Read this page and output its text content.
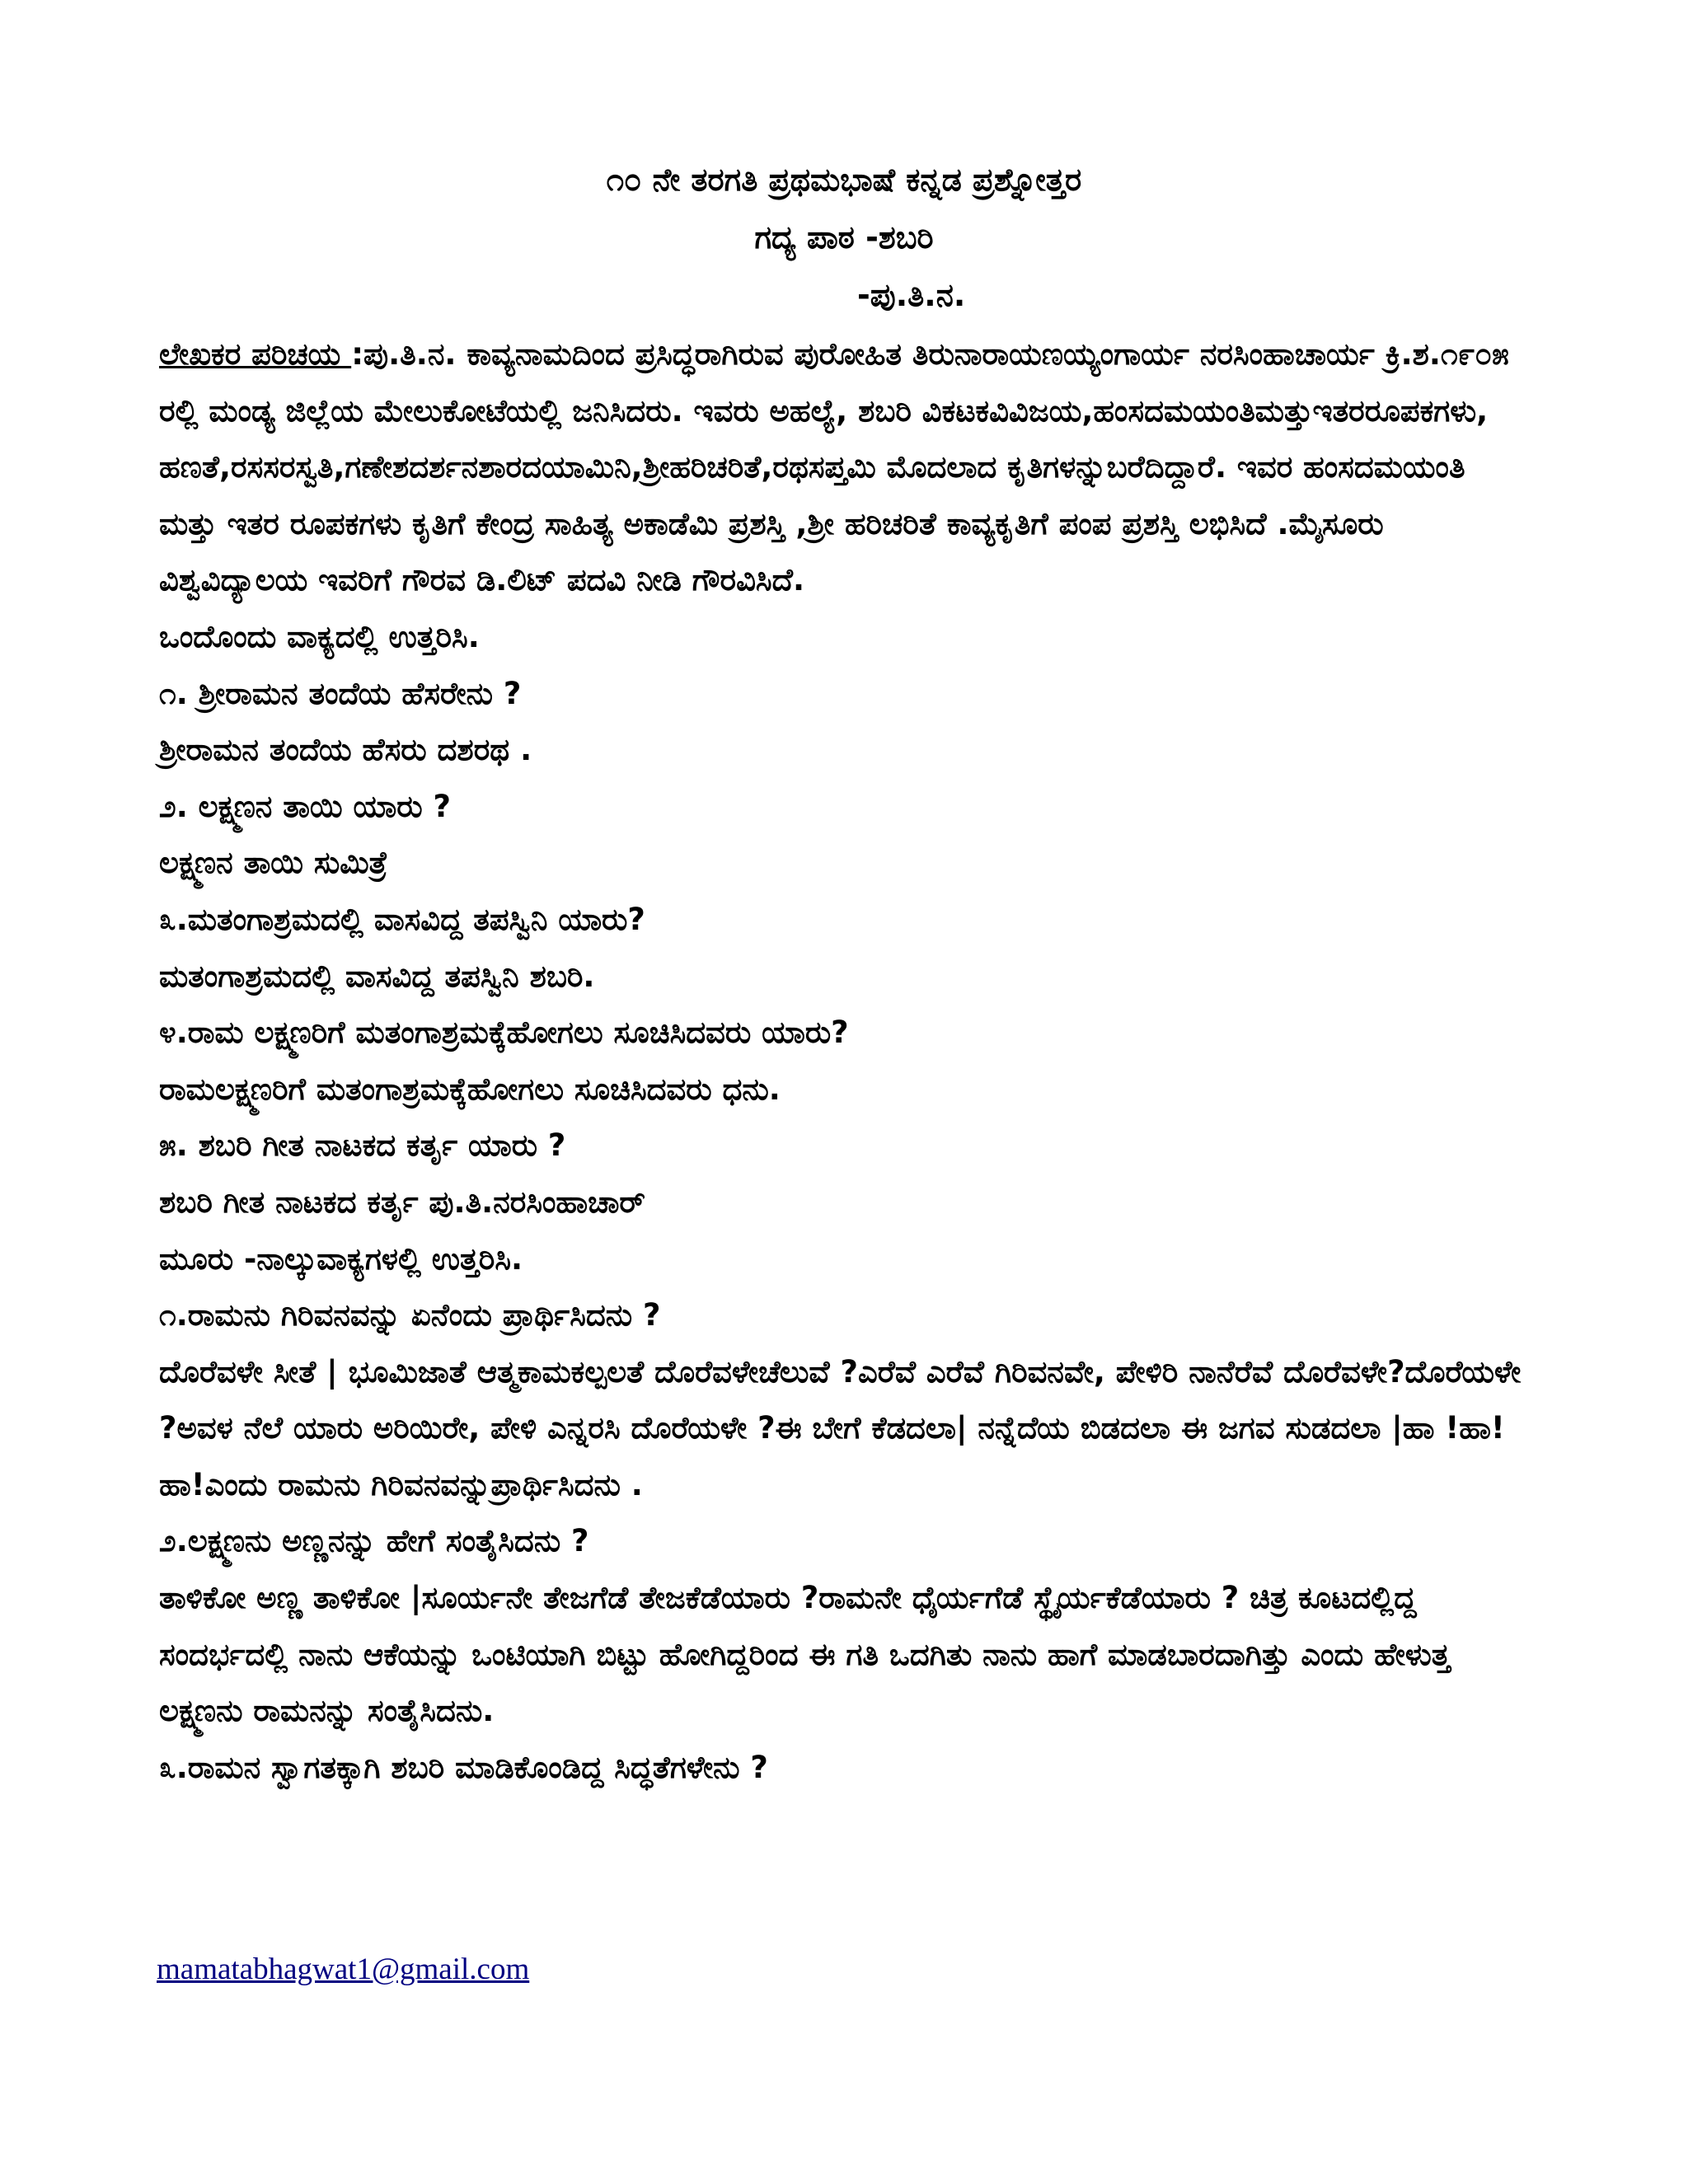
೧೦ ನೇ ತರಗತಿ ಪ್ರಥಮಭಾಷೆ ಕನ್ನಡ ಪ್ರಶ್ನೋತ್ತರ
ಗದ್ಯ ಪಾಠ -ಶಬರಿ
-ಪು.ತಿ.ನ.

ಲೇಖಕರ ಪರಿಚಯ :ಪು.ತಿ.ನ. ಕಾವ್ಯನಾಮದಿಂದ ಪ್ರಸಿದ್ಧರಾಗಿರುವ ಪುರೋಹಿತ ತಿರುನಾರಾಯಣಯ್ಯಂಗಾರ್ಯ ನರಸಿಂಹಾಚಾರ್ಯ ಕ್ರಿ.ಶ.೧೯೦೫ ರಲ್ಲಿ ಮಂಡ್ಯ ಜಿಲ್ಲೆಯ ಮೇಲುಕೋಟೆಯಲ್ಲಿ ಜನಿಸಿದರು. ಇವರು ಅಹಲ್ಯೆ, ಶಬರಿ ವಿಕಟಕವಿವಿಜಯ,ಹಂಸದಮಯಂತಿಮತ್ತುಇತರರೂಪಕಗಳು,

ಹಣತೆ,ರಸಸರಸ್ವತಿ,ಗಣೇಶದರ್ಶನಶಾರದಯಾಮಿನಿ,ಶ್ರೀಹರಿಚರಿತೆ,ರಥಸಪ್ತಮಿ ಮೊದಲಾದ ಕೃತಿಗಳನ್ನುಬರೆದಿದ್ದಾರೆ. ಇವರ ಹಂಸದಮಯಂತಿ ಮತ್ತು ಇತರ ರೂಪಕಗಳು ಕೃತಿಗೆ ಕೇಂದ್ರ ಸಾಹಿತ್ಯ ಅಕಾಡೆಮಿ ಪ್ರಶಸ್ತಿ ,ಶ್ರೀ ಹರಿಚರಿತೆ ಕಾವ್ಯಕೃತಿಗೆ ಪಂಪ ಪ್ರಶಸ್ತಿ ಲಭಿಸಿದೆ .ಮೈಸೂರು ವಿಶ್ವವಿದ್ಯಾಲಯ ಇವರಿಗೆ ಗೌರವ ಡಿ.ಲಿಟ್ ಪದವಿ ನೀಡಿ ಗೌರವಿಸಿದೆ.

ಒಂದೊಂದು ವಾಕ್ಯದಲ್ಲಿ ಉತ್ತರಿಸಿ.

೧. ಶ್ರೀರಾಮನ ತಂದೆಯ ಹೆಸರೇನು ?

ಶ್ರೀರಾಮನ ತಂದೆಯ ಹೆಸರು ದಶರಥ .

೨. ಲಕ್ಷ್ಮಣನ ತಾಯಿ ಯಾರು ?

ಲಕ್ಷ್ಮಣನ ತಾಯಿ ಸುಮಿತ್ರೆ

೩.ಮತಂಗಾಶ್ರಮದಲ್ಲಿ ವಾಸವಿದ್ದ ತಪಸ್ವಿನಿ ಯಾರು?

ಮತಂಗಾಶ್ರಮದಲ್ಲಿ ವಾಸವಿದ್ದ ತಪಸ್ವಿನಿ ಶಬರಿ.

೪.ರಾಮ ಲಕ್ಷ್ಮಣರಿಗೆ ಮತಂಗಾಶ್ರಮಕ್ಕೆಹೋಗಲು ಸೂಚಿಸಿದವರು ಯಾರು?

ರಾಮಲಕ್ಷ್ಮಣರಿಗೆ ಮತಂಗಾಶ್ರಮಕ್ಕೆಹೋಗಲು ಸೂಚಿಸಿದವರು ಧನು.

೫. ಶಬರಿ ಗೀತ ನಾಟಕದ ಕರ್ತೃ ಯಾರು ?

ಶಬರಿ ಗೀತ ನಾಟಕದ ಕರ್ತೃ ಪು.ತಿ.ನರಸಿಂಹಾಚಾರ್

ಮೂರು -ನಾಲ್ಕುವಾಕ್ಯಗಳಲ್ಲಿ ಉತ್ತರಿಸಿ.

೧.ರಾಮನು ಗಿರಿವನವನ್ನು ಏನೆಂದು ಪ್ರಾರ್ಥಿಸಿದನು ?

ದೊರೆವಳೇ ಸೀತೆ | ಭೂಮಿಜಾತೆ ಆತ್ಮಕಾಮಕಲ್ಪಲತೆ ದೊರೆವಳೇಚೆಲುವೆ ?ಎರೆವೆ ಎರೆವೆ ಗಿರಿವನವೇ, ಪೇಳಿರಿ ನಾನೆರೆವೆ ದೊರೆವಳೇ?ದೊರೆಯಳೇ ?ಅವಳ ನೆಲೆ ಯಾರು ಅರಿಯಿರೇ, ಪೇಳಿ ಎನ್ನರಸಿ ದೊರೆಯಳೇ ?ಈ ಬೇಗೆ ಕೆಡದಲಾ| ನನ್ನೆದೆಯ ಬಿಡದಲಾ ಈ ಜಗವ ಸುಡದಲಾ |ಹಾ !ಹಾ! ಹಾ!ಎಂದು ರಾಮನು ಗಿರಿವನವನ್ನುಪ್ರಾರ್ಥಿಸಿದನು .

೨.ಲಕ್ಷ್ಮಣನು ಅಣ್ಣನನ್ನು ಹೇಗೆ ಸಂತೈಸಿದನು ?

ತಾಳಿಕೋ ಅಣ್ಣ ತಾಳಿಕೋ |ಸೂರ್ಯನೇ ತೇಜಗೆಡೆ ತೇಜಕೆಡೆಯಾರು ?ರಾಮನೇ ಧೈರ್ಯಗೆಡೆ ಸ್ಥೈರ್ಯಕೆಡೆಯಾರು ? ಚಿತ್ರ ಕೂಟದಲ್ಲಿದ್ದ ಸಂದರ್ಭದಲ್ಲಿ ನಾನು ಆಕೆಯನ್ನು ಒಂಟಿಯಾಗಿ ಬಿಟ್ಟು ಹೋಗಿದ್ದರಿಂದ ಈ ಗತಿ ಒದಗಿತು ನಾನು ಹಾಗೆ ಮಾಡಬಾರದಾಗಿತ್ತು ಎಂದು ಹೇಳುತ್ತ ಲಕ್ಷ್ಮಣನು ರಾಮನನ್ನು ಸಂತೈಸಿದನು.

೩.ರಾಮನ ಸ್ವಾಗತಕ್ಕಾಗಿ ಶಬರಿ ಮಾಡಿಕೊಂಡಿದ್ದ ಸಿದ್ಧತೆಗಳೇನು ?

mamatabhagwat1@gmail.com
